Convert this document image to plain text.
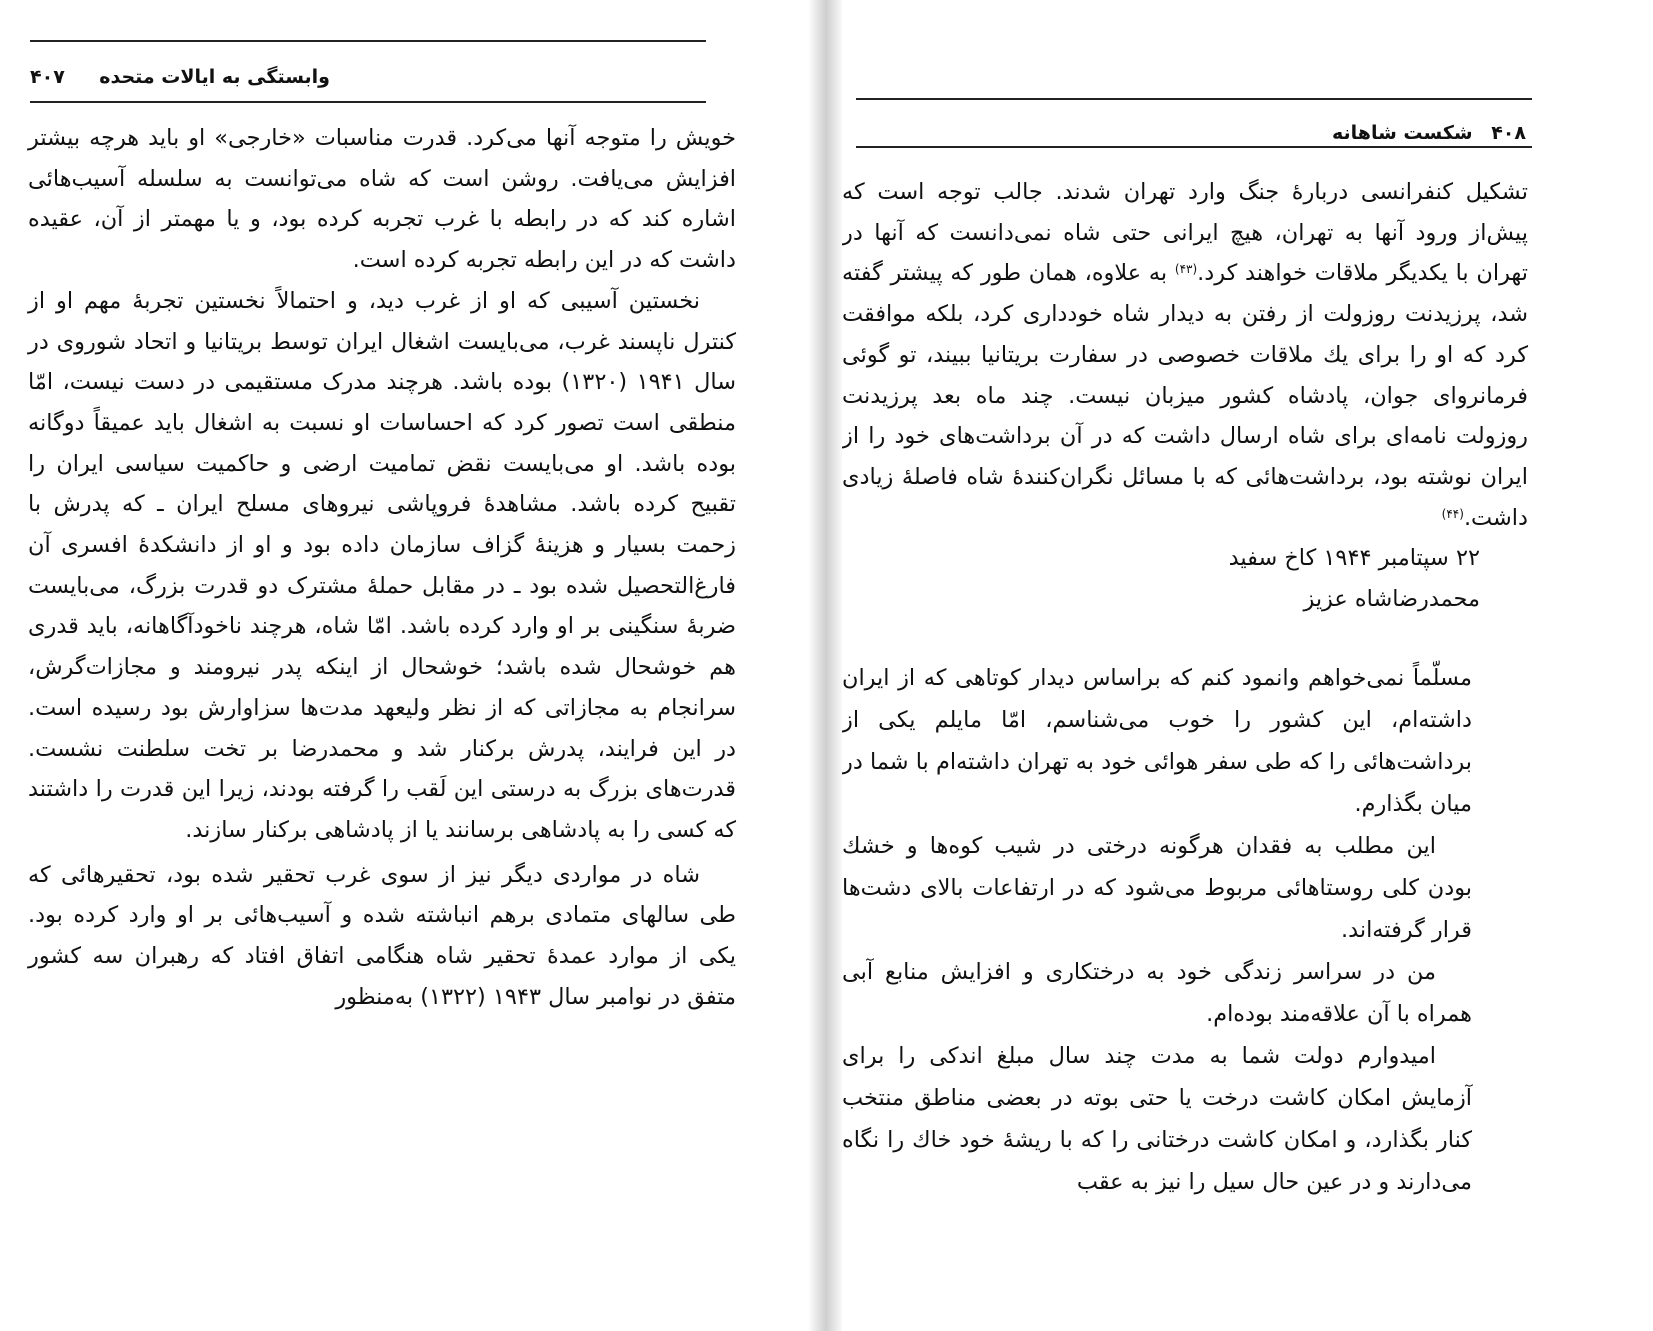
۴۰۷ وابستگی به ایالات متحده

خویش را متوجه آنها می‌کرد. قدرت مناسبات «خارجی» او باید هرچه بیشتر افزایش می‌یافت. روشن است که شاه می‌توانست به سلسله آسیب‌هائی اشاره کند که در رابطه با غرب تجربه کرده بود، و یا مهمتر از آن، عقیده داشت که در این رابطه تجربه کرده است.

نخستین آسیبی که او از غرب دید، و احتمالاً نخستین تجربهٔ مهم او از کنترل ناپسند غرب، می‌بایست اشغال ایران توسط بریتانیا و اتحاد شوروی در سال ۱۹۴۱ (۱۳۲۰) بوده باشد. هرچند مدرک مستقیمی در دست نیست، امّا منطقی است تصور کرد که احساسات او نسبت به اشغال باید عمیقاً دوگانه بوده باشد. او می‌بایست نقض تمامیت ارضی و حاکمیت سیاسی ایران را تقبیح کرده باشد. مشاهدهٔ فروپاشی نیروهای مسلح ایران ـ که پدرش با زحمت بسیار و هزینهٔ گزاف سازمان داده بود و او از دانشکدهٔ افسری آن فارغ‌التحصیل شده بود ـ در مقابل حملهٔ مشترک دو قدرت بزرگ، می‌بایست ضربهٔ سنگینی بر او وارد کرده باشد. امّا شاه، هرچند ناخودآگاهانه، باید قدری هم خوشحال شده باشد؛ خوشحال از اینکه پدر نیرومند و مجازات‌گرش، سرانجام به مجازاتی که از نظر ولیعهد مدت‌ها سزاوارش بود رسیده است. در این فرایند، پدرش برکنار شد و محمدرضا بر تخت سلطنت نشست. قدرت‌های بزرگ به درستی این لَقب را گرفته بودند، زیرا این قدرت را داشتند که کسی را به پادشاهی برسانند یا از پادشاهی برکنار سازند.

شاه در مواردی دیگر نیز از سوی غرب تحقیر شده بود، تحقیرهائی که طی سالهای متمادی برهم انباشته شده و آسیب‌هائی بر او وارد کرده بود. یکی از موارد عمدهٔ تحقیر شاه هنگامی اتفاق افتاد که رهبران سه کشور متفق در نوامبر سال ۱۹۴۳ (۱۳۲۲) به‌منظور

۴۰۸
شکست شاهانه

تشکیل کنفرانسی دربارهٔ جنگ وارد تهران شدند. جالب توجه است که پیش‌از ورود آنها به تهران، هیچ ایرانی حتی شاه نمی‌دانست که آنها در تهران با یکدیگر ملاقات خواهند کرد.$^{(۴۳)}$ به علاوه، همان طور که پیشتر گفته شد، پرزیدنت روزولت از رفتن به دیدار شاه خودداری کرد، بلکه موافقت کرد که او را برای یك ملاقات خصوصی در سفارت بریتانیا ببیند، تو گوئی فرمانروای جوان، پادشاه کشور میزبان نیست. چند ماه بعد پرزیدنت روزولت نامه‌ای برای شاه ارسال داشت که در آن برداشت‌های خود را از ایران نوشته بود، برداشت‌هائی که با مسائل نگران‌کنندهٔ شاه فاصلهٔ زیادی داشت.$^{(۴۴)}$

۲۲ سپتامبر ۱۹۴۴ کاخ سفید

محمدرضاشاه عزیز

مسلّماً نمی‌خواهم وانمود کنم که براساس دیدار کوتاهی که از ایران داشته‌ام، این کشور را خوب می‌شناسم، امّا مایلم یکی از برداشت‌هائی را که طی سفر هوائی خود به تهران داشته‌ام با شما در میان بگذارم.

این مطلب به فقدان هرگونه درختی در شیب کوه‌ها و خشك بودن کلی روستاهائی مربوط می‌شود که در ارتفاعات بالای دشت‌ها قرار گرفته‌اند.

من در سراسر زندگی خود به درختکاری و افزایش منابع آبی همراه با آن علاقه‌مند بوده‌ام.

امیدوارم دولت شما به مدت چند سال مبلغ اندکی را برای آزمایش امکان کاشت درخت یا حتی بوته در بعضی مناطق منتخب کنار بگذارد، و امکان کاشت درختانی را که با ریشهٔ خود خاك را نگاه می‌دارند و در عین حال سیل را نیز به عقب
